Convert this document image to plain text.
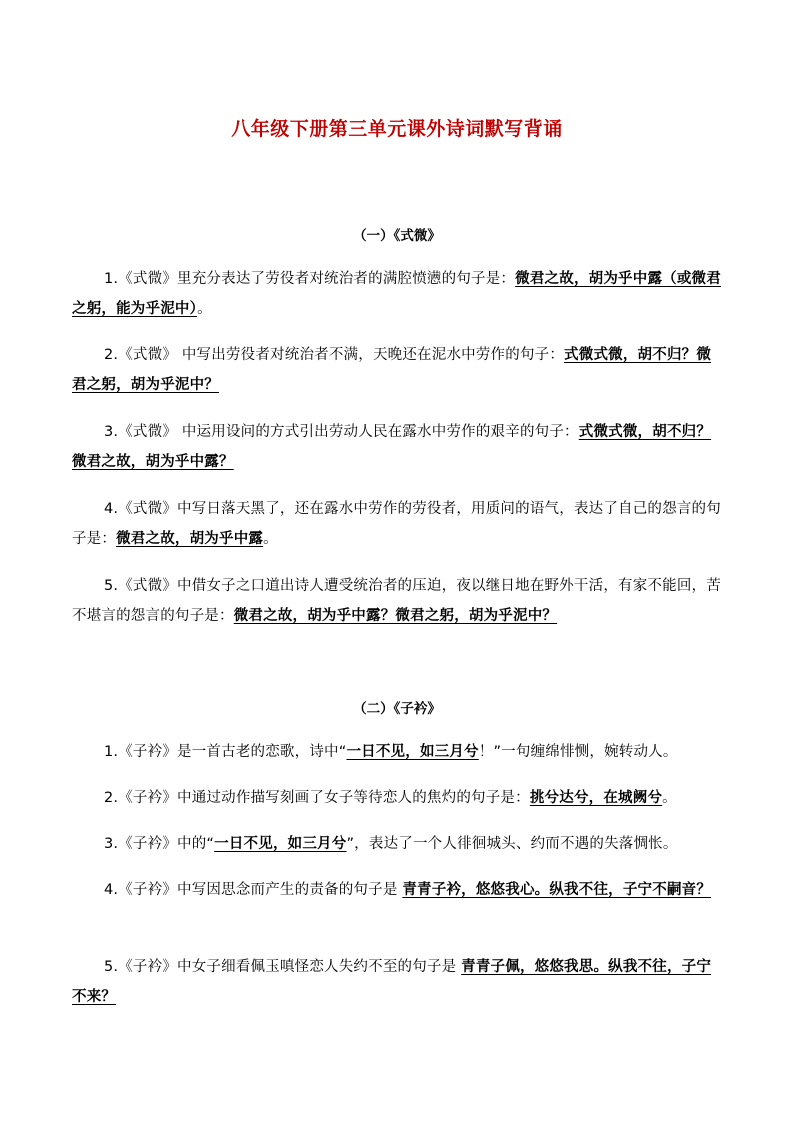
八年级下册第三单元课外诗词默写背诵
（一）《式微》
1.《式微》里充分表达了劳役者对统治者的满腔愤懑的句子是：微君之故，胡为乎中露（或微君之躬，能为乎泥中）。
2.《式微》 中写出劳役者对统治者不满，天晚还在泥水中劳作的句子：式微式微，胡不归？微君之躬，胡为乎泥中？
3.《式微》 中运用设问的方式引出劳动人民在露水中劳作的艰辛的句子：式微式微，胡不归？微君之故，胡为乎中露？
4.《式微》中写日落天黑了，还在露水中劳作的劳役者，用质问的语气，表达了自己的怨言的句子是：微君之故，胡为乎中露。
5.《式微》中借女子之口道出诗人遭受统治者的压迫，夜以继日地在野外干活，有家不能回，苦不堪言的怨言的句子是：微君之故，胡为乎中露？微君之躬，胡为乎泥中？
（二）《子衿》
1.《子衿》是一首古老的恋歌，诗中“一日不见，如三月兮！”一句缠绵悱恻，婉转动人。
2.《子衿》中通过动作描写刻画了女子等待恋人的焦灼的句子是：挑兮达兮，在城阙兮。
3.《子衿》中的“一日不见，如三月兮”，表达了一个人徘徊城头、约而不遇的失落惆怅。
4.《子衿》中写因思念而产生的责备的句子是 青青子衿，悠悠我心。纵我不往，子宁不嗣音？
5.《子衿》中女子细看佩玉嗔怪恋人失约不至的句子是 青青子佩，悠悠我思。纵我不往，子宁不来？
